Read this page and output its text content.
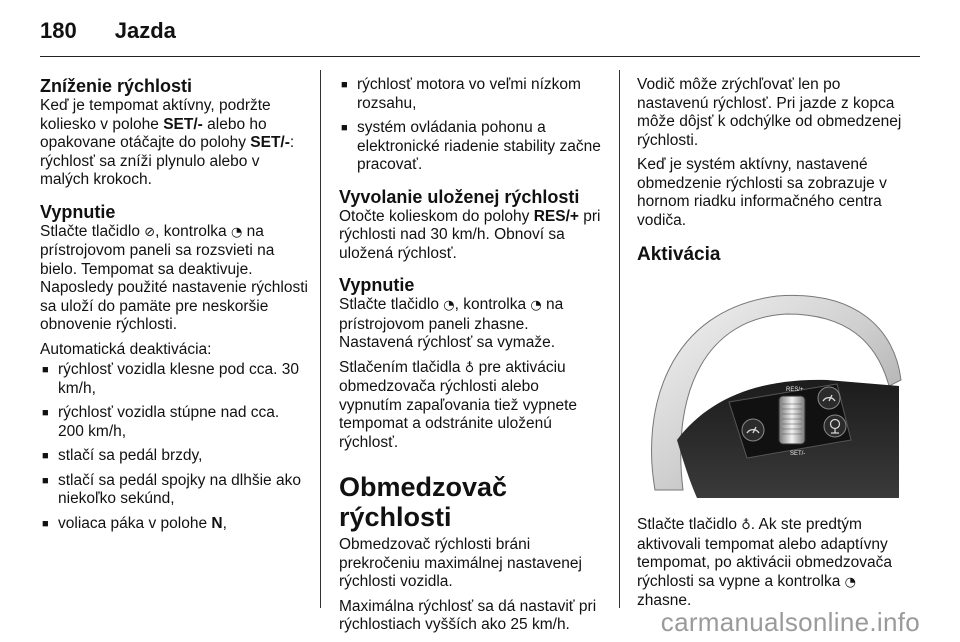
180 Jazda
Zníženie rýchlosti

Keď je tempomat aktívny, podržte koliesko v polohe SET/- alebo ho opakovane otáčajte do polohy SET/-: rýchlosť sa zníži plynulo alebo v malých krokoch.

Vypnutie

Stlačte tlačidlo ⊘, kontrolka ◔ na prístrojovom paneli sa rozsvieti na bielo. Tempomat sa deaktivuje. Naposledy použité nastavenie rýchlosti sa uloží do pamäte pre neskoršie obnovenie rýchlosti.

Automatická deaktivácia:

■ rýchlosť vozidla klesne pod cca. 30 km/h,
■ rýchlosť vozidla stúpne nad cca. 200 km/h,
■ stlačí sa pedál brzdy,
■ stlačí sa pedál spojky na dlhšie ako niekoľko sekúnd,
■ voliaca páka v polohe N,
■ rýchlosť motora vo veľmi nízkom rozsahu,
■ systém ovládania pohonu a elektronické riadenie stability začne pracovať.
Vyvolanie uloženej rýchlosti

Otočte kolieskom do polohy RES/+ pri rýchlosti nad 30 km/h. Obnoví sa uložená rýchlosť.

Vypnutie

Stlačte tlačidlo ◔, kontrolka ◔ na prístrojovom paneli zhasne. Nastavená rýchlosť sa vymaže.

Stlačením tlačidla ♁ pre aktiváciu obmedzovača rýchlosti alebo vypnutím zapaľovania tiež vypnete tempomat a odstránite uloženú rýchlosť.

Obmedzovač rýchlosti

Obmedzovač rýchlosti bráni prekročeniu maximálnej nastavenej rýchlosti vozidla.

Maximálna rýchlosť sa dá nastaviť pri rýchlostiach vyšších ako 25 km/h.

Vodič môže zrýchľovať len po nastavenú rýchlosť. Pri jazde z kopca môže dôjsť k odchýlke od obmedzenej rýchlosti.

Keď je systém aktívny, nastavené obmedzenie rýchlosti sa zobrazuje v hornom riadku informačného centra vodiča.

Aktivácia
RES/+
SET/-

Stlačte tlačidlo ♁. Ak ste predtým aktivovali tempomat alebo adaptívny tempomat, po aktivácii obmedzovača rýchlosti sa vypne a kontrolka ◔ zhasne.

carmanualsonline.info
